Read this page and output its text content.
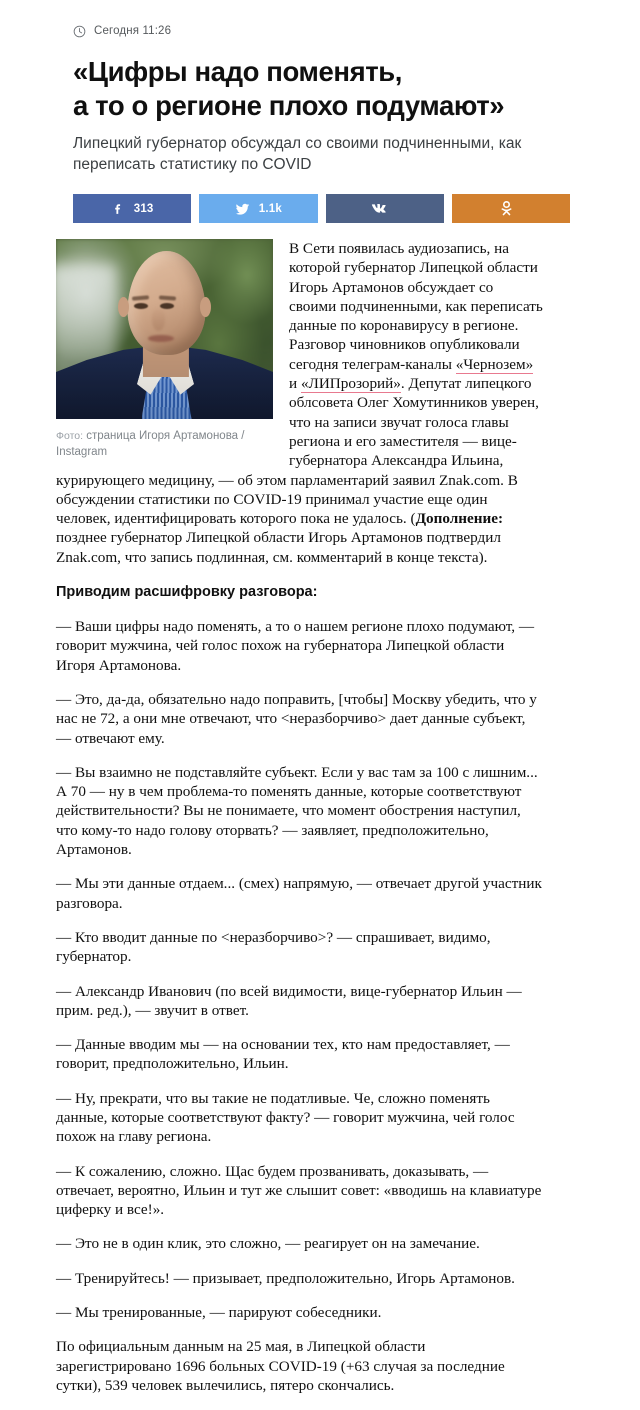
Сегодня 11:26
«Цифры надо поменять,
а то о регионе плохо подумают»
Липецкий губернатор обсуждал со своими подчиненными, как переписать статистику по COVID
313	1.1k
Фото: страница Игоря Артамонова / Instagram

В Сети появилась аудиозапись, на которой губернатор Липецкой области Игорь Артамонов обсуждает со своими подчиненными, как переписать данные по коронавирусу в регионе. Разговор чиновников опубликовали сегодня телеграм-каналы «Чернозем» и «ЛИПрозорий». Депутат липецкого облсовета Олег Хомутинников уверен, что на записи звучат голоса главы региона и его заместителя — вице-губернатора Александра Ильина, курирующего медицину, — об этом парламентарий заявил Znak.com. В обсуждении статистики по COVID-19 принимал участие еще один человек, идентифицировать которого пока не удалось. (Дополнение: позднее губернатор Липецкой области Игорь Артамонов подтвердил Znak.com, что запись подлинная, см. комментарий в конце текста).

Приводим расшифровку разговора:

— Ваши цифры надо поменять, а то о нашем регионе плохо подумают, — говорит мужчина, чей голос похож на губернатора Липецкой области Игоря Артамонова.

— Это, да-да, обязательно надо поправить, [чтобы] Москву убедить, что у нас не 72, а они мне отвечают, что <неразборчиво> дает данные субъект, — отвечают ему.

— Вы взаимно не подставляйте субъект. Если у вас там за 100 с лишним... А 70 — ну в чем проблема-то поменять данные, которые соответствуют действительности? Вы не понимаете, что момент обострения наступил, что кому-то надо голову оторвать? — заявляет, предположительно, Артамонов.

— Мы эти данные отдаем... (смех) напрямую, — отвечает другой участник разговора.

— Кто вводит данные по <неразборчиво>? — спрашивает, видимо, губернатор.

— Александр Иванович (по всей видимости, вице-губернатор Ильин — прим. ред.), — звучит в ответ.

— Данные вводим мы — на основании тех, кто нам предоставляет, — говорит, предположительно, Ильин.

— Ну, прекрати, что вы такие не податливые. Че, сложно поменять данные, которые соответствуют факту? — говорит мужчина, чей голос похож на главу региона.

— К сожалению, сложно. Щас будем прозванивать, доказывать, — отвечает, вероятно, Ильин и тут же слышит совет: «вводишь на клавиатуре циферку и все!».

— Это не в один клик, это сложно, — реагирует он на замечание.

— Тренируйтесь! — призывает, предположительно, Игорь Артамонов.

— Мы тренированные, — парируют собеседники.

По официальным данным на 25 мая, в Липецкой области зарегистрировано 1696 больных COVID-19 (+63 случая за последние сутки), 539 человек вылечились, пятеро скончались.
